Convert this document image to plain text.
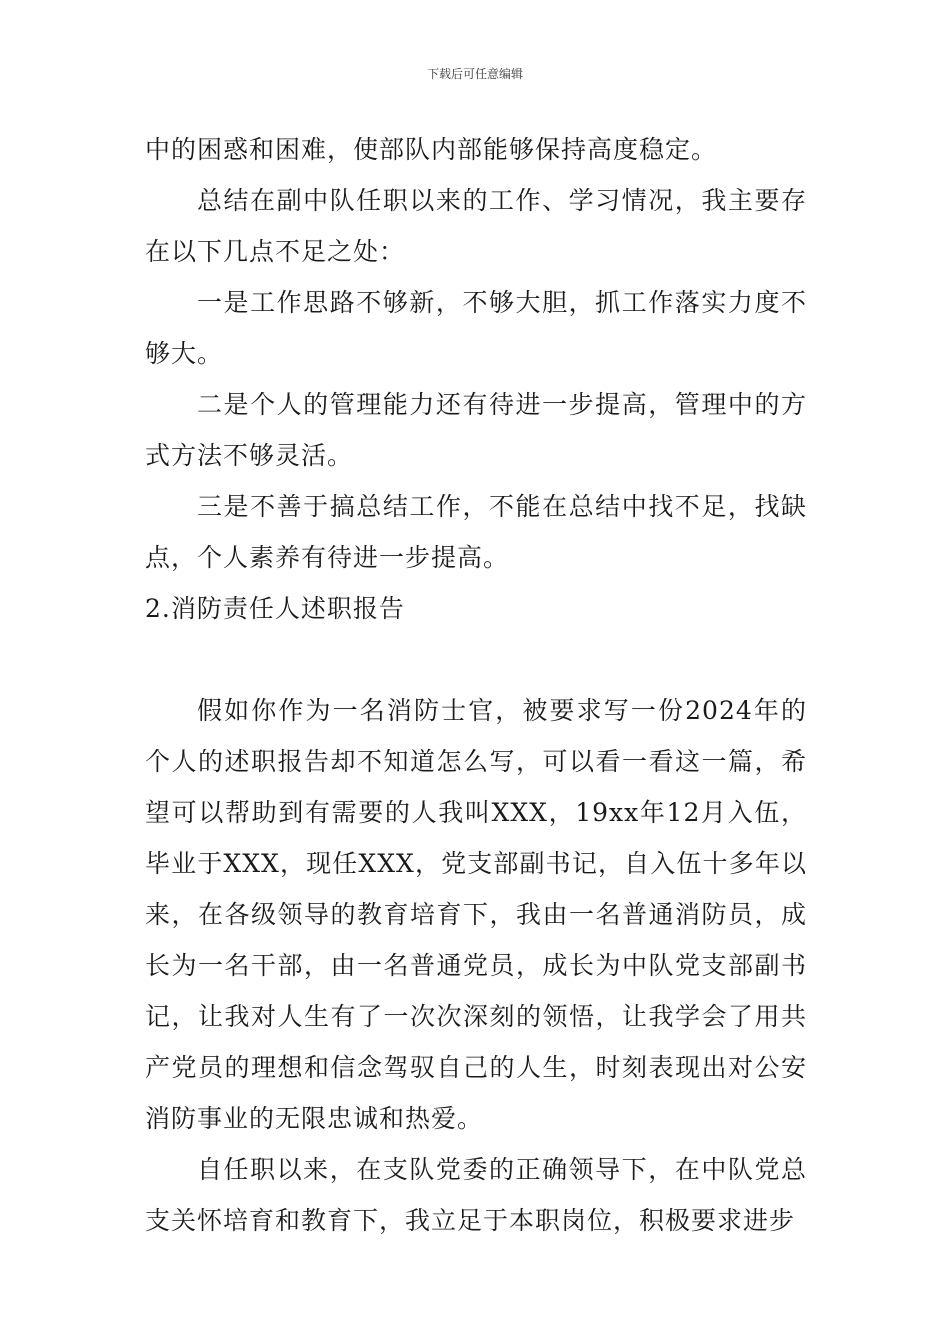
下载后可任意编辑

中的困惑和困难，使部队内部能够保持高度稳定。

总结在副中队任职以来的工作、学习情况，我主要存在以下几点不足之处：

一是工作思路不够新，不够大胆，抓工作落实力度不够大。

二是个人的管理能力还有待进一步提高，管理中的方式方法不够灵活。

三是不善于搞总结工作，不能在总结中找不足，找缺点，个人素养有待进一步提高。

2.消防责任人述职报告

假如你作为一名消防士官，被要求写一份2024年的个人的述职报告却不知道怎么写，可以看一看这一篇，希望可以帮助到有需要的人我叫XXX，19xx年12月入伍，毕业于XXX，现任XXX，党支部副书记，自入伍十多年以来，在各级领导的教育培育下，我由一名普通消防员，成长为一名干部，由一名普通党员，成长为中队党支部副书记，让我对人生有了一次次深刻的领悟，让我学会了用共产党员的理想和信念驾驭自己的人生，时刻表现出对公安消防事业的无限忠诚和热爱。

自任职以来，在支队党委的正确领导下，在中队党总支关怀培育和教育下，我立足于本职岗位，积极要求进步
